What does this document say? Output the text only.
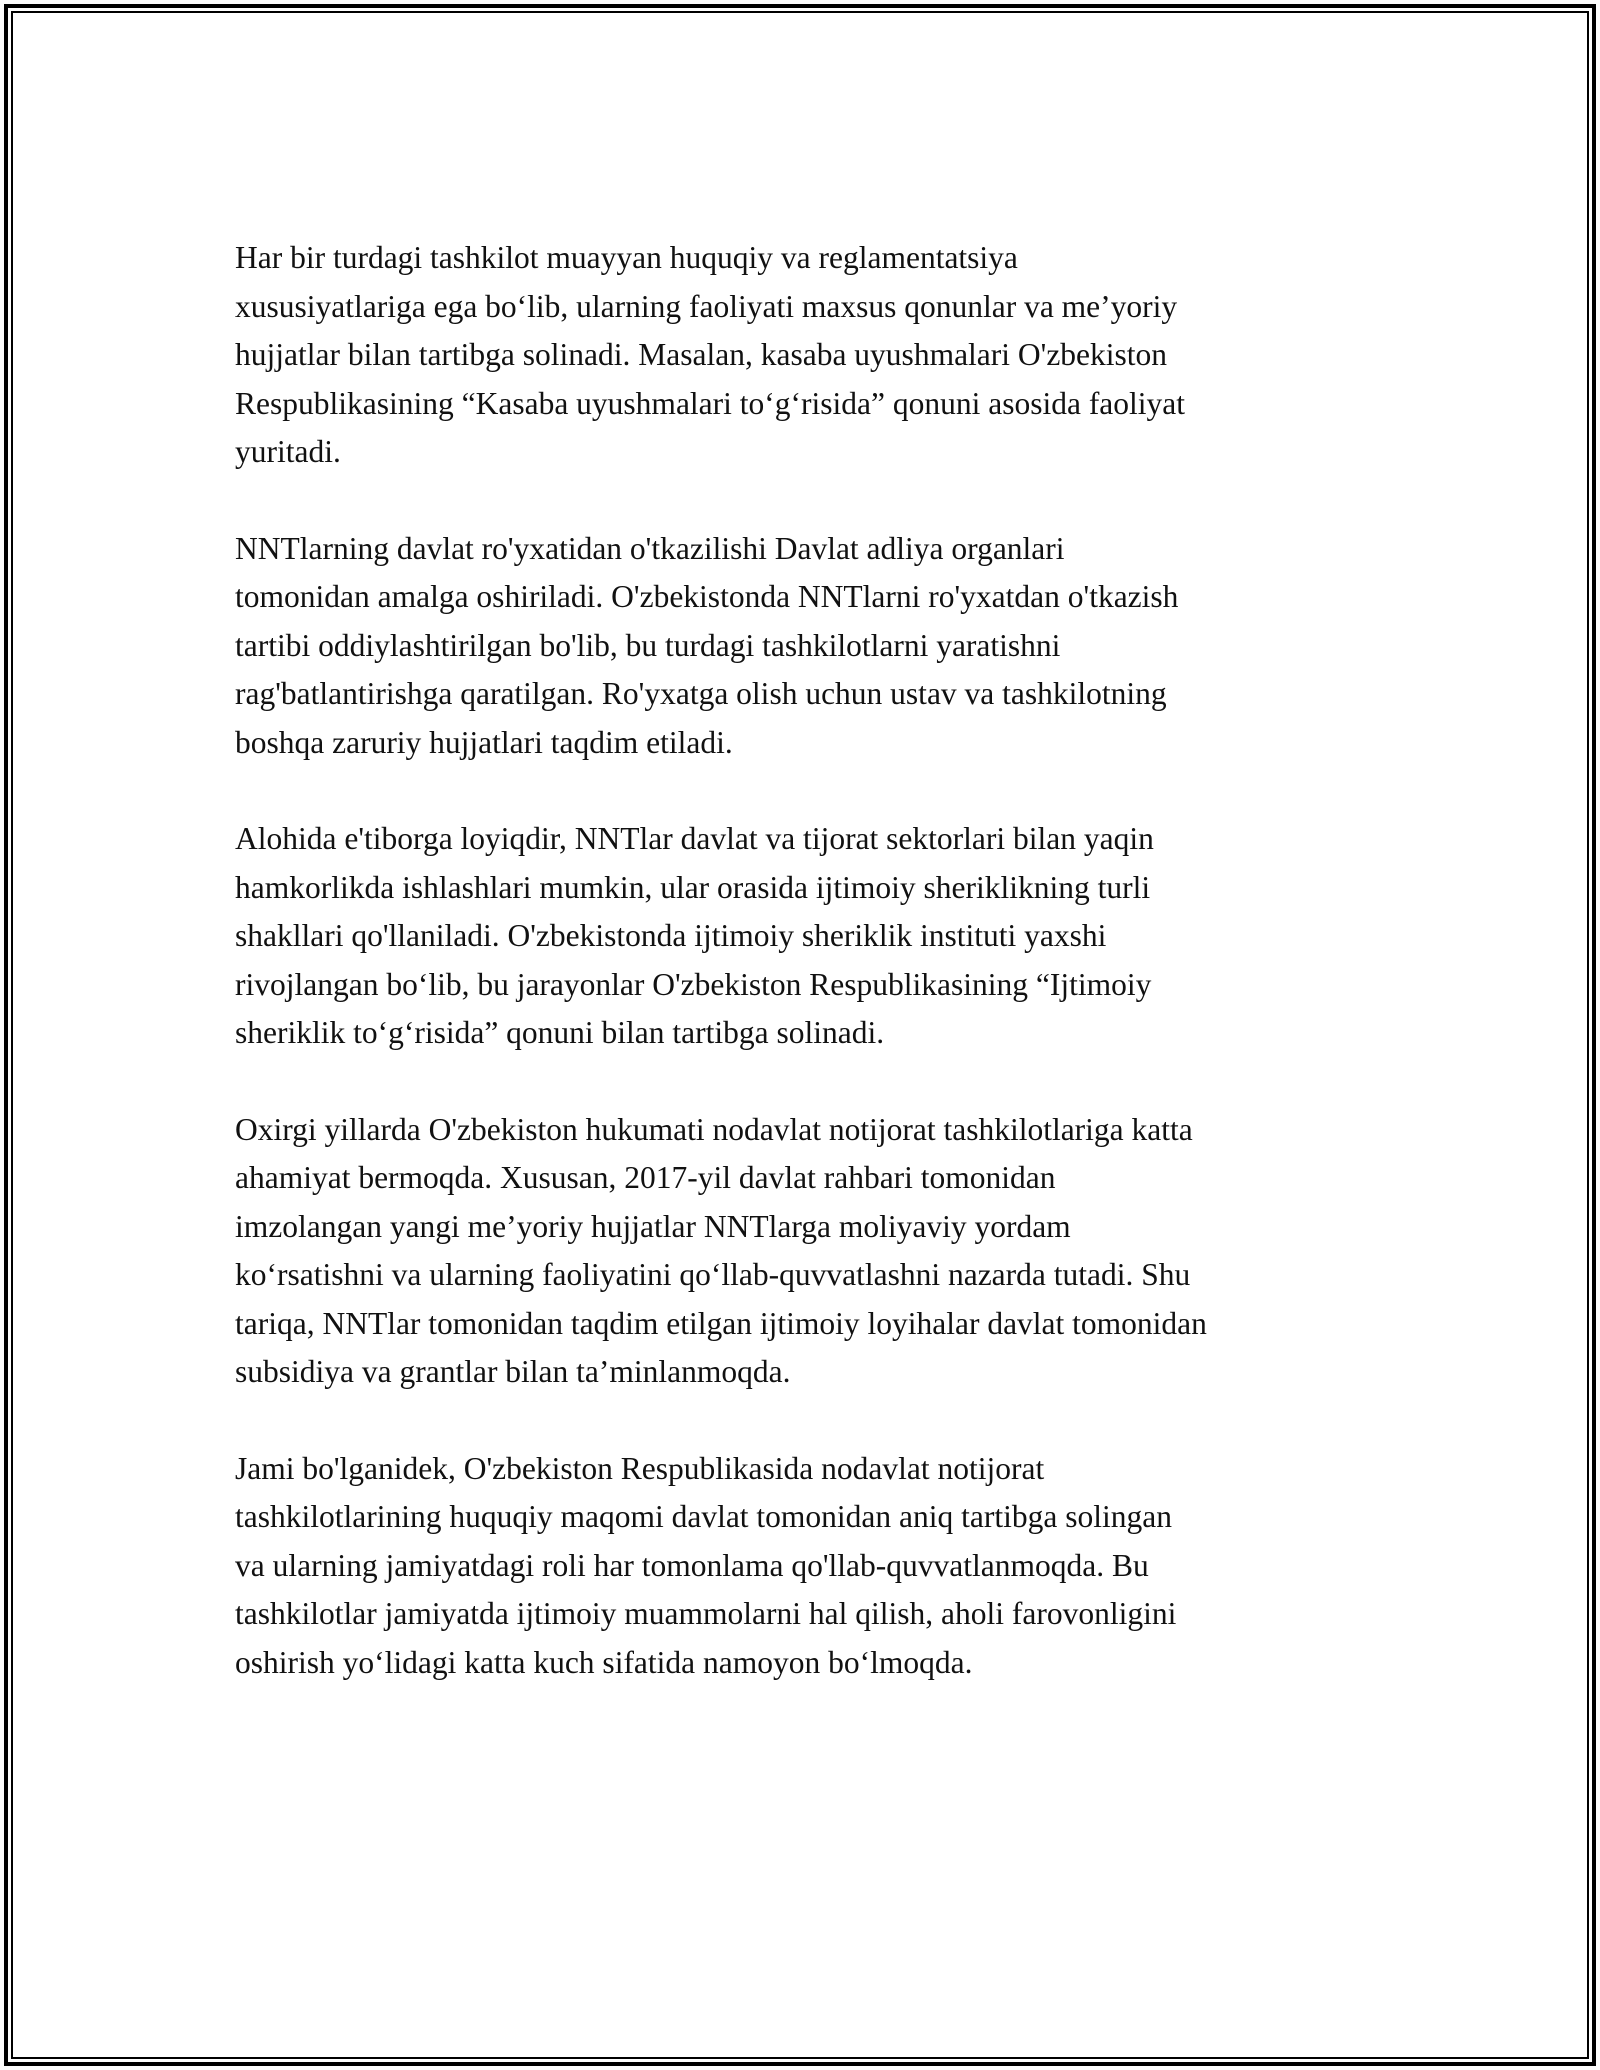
Har bir turdagi tashkilot muayyan huquqiy va reglamentatsiya
xususiyatlariga ega bo‘lib, ularning faoliyati maxsus qonunlar va me’yoriy
hujjatlar bilan tartibga solinadi. Masalan, kasaba uyushmalari O'zbekiston
Respublikasining “Kasaba uyushmalari to‘g‘risida” qonuni asosida faoliyat
yuritadi.

NNTlarning davlat ro'yxatidan o'tkazilishi Davlat adliya organlari
tomonidan amalga oshiriladi. O'zbekistonda NNTlarni ro'yxatdan o'tkazish
tartibi oddiylashtirilgan bo'lib, bu turdagi tashkilotlarni yaratishni
rag'batlantirishga qaratilgan. Ro'yxatga olish uchun ustav va tashkilotning
boshqa zaruriy hujjatlari taqdim etiladi.

Alohida e'tiborga loyiqdir, NNTlar davlat va tijorat sektorlari bilan yaqin
hamkorlikda ishlashlari mumkin, ular orasida ijtimoiy sheriklikning turli
shakllari qo'llaniladi. O'zbekistonda ijtimoiy sheriklik instituti yaxshi
rivojlangan bo‘lib, bu jarayonlar O'zbekiston Respublikasining “Ijtimoiy
sheriklik to‘g‘risida” qonuni bilan tartibga solinadi.

Oxirgi yillarda O'zbekiston hukumati nodavlat notijorat tashkilotlariga katta
ahamiyat bermoqda. Xususan, 2017-yil davlat rahbari tomonidan
imzolangan yangi me’yoriy hujjatlar NNTlarga moliyaviy yordam
ko‘rsatishni va ularning faoliyatini qo‘llab-quvvatlashni nazarda tutadi. Shu
tariqa, NNTlar tomonidan taqdim etilgan ijtimoiy loyihalar davlat tomonidan
subsidiya va grantlar bilan ta’minlanmoqda.

Jami bo'lganidek, O'zbekiston Respublikasida nodavlat notijorat
tashkilotlarining huquqiy maqomi davlat tomonidan aniq tartibga solingan
va ularning jamiyatdagi roli har tomonlama qo'llab-quvvatlanmoqda. Bu
tashkilotlar jamiyatda ijtimoiy muammolarni hal qilish, aholi farovonligini
oshirish yo‘lidagi katta kuch sifatida namoyon bo‘lmoqda.
